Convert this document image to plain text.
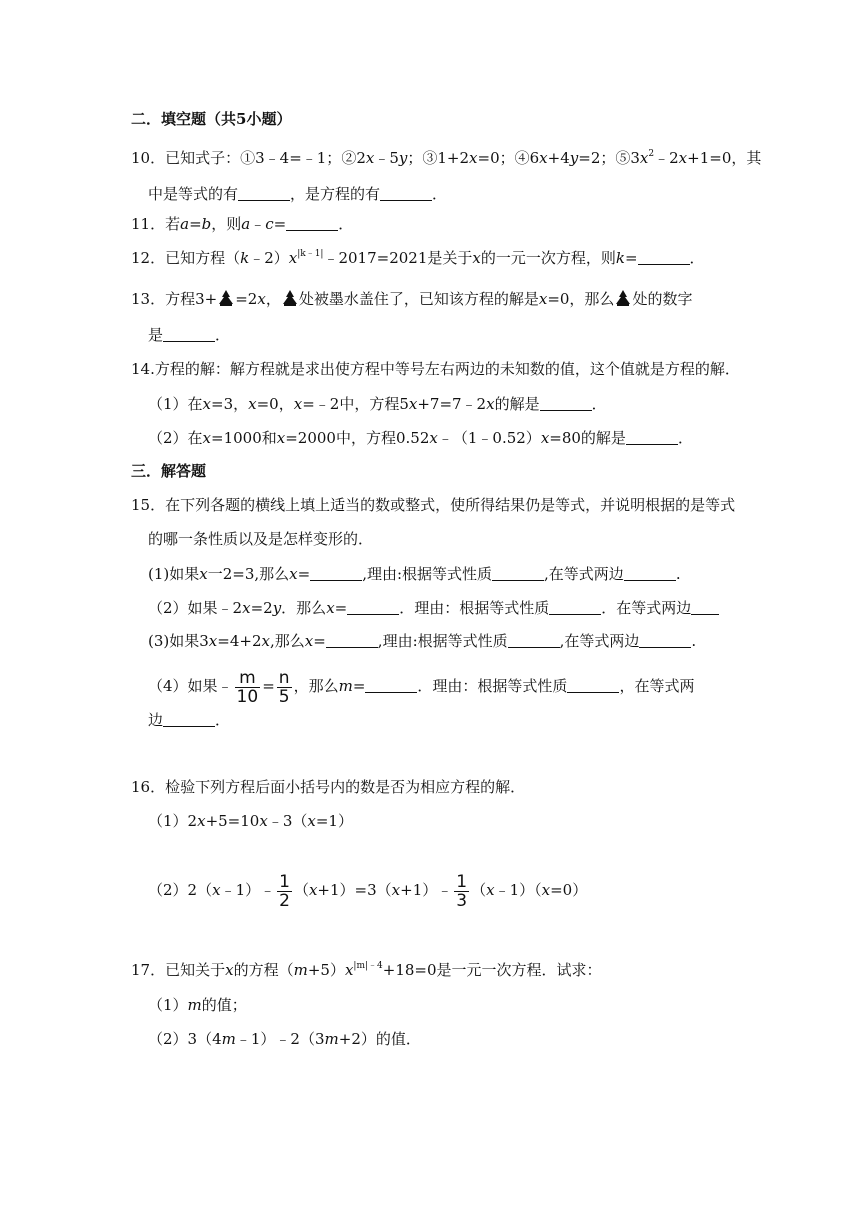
二．填空题（共5小题）
10．已知式子：①3﹣4=﹣1；②2x﹣5y；③1+2x=0；④6x+4y=2；$⑤3x^2﹣2x+1=0$，其
中是等式的有	，是方程的有	．
11．若a=b，则a﹣c=	．
12．已知方程$(k﹣2)x^{|k﹣1|}﹣2017=2021$是关于x的一元一次方程，则k=	．
13．方程3+ =2x， 处被墨水盖住了，已知该方程的解是x=0，那么 处的数字
是	．
14.方程的解：解方程就是求出使方程中等号左右两边的未知数的值，这个值就是方程的解．
（1）在x=3，x=0，x=﹣2中，方程5x+7=7﹣2x的解是	．
（2）在x=1000和x=2000中，方程0.52x﹣（1﹣0.52）x=80的解是	．
三．解答题
15．在下列各题的横线上填上适当的数或整式，使所得结果仍是等式，并说明根据的是等式
的哪一条性质以及是怎样变形的．
(1)如果x一2=3,那么x=	,理由:根据等式性质	,在等式两边	.
（2）如果﹣2x=2y．那么x=	．理由：根据等式性质	．在等式两边
(3)如果3x=4+2x,那么x=	,理由:根据等式性质	,在等式两边	.
（4）如果﹣ $\frac{m}{10} = \frac{n}{5}$ ，那么m=	．理由：根据等式性质	，在等式两
边	．
16．检验下列方程后面小括号内的数是否为相应方程的解．
（1）2x+5=10x﹣3（x=1）
（2）2（x﹣1）﹣ $\frac{1}{2}$ （x+1）=3（x+1）﹣ $\frac{1}{3}$ （x﹣1）（x=0）
17．已知关于x的方程$(m+5)x^{|m|﹣4}+18=0$是一元一次方程．试求：
（1）m的值；
（2）3（4m﹣1）﹣2（3m+2）的值．
